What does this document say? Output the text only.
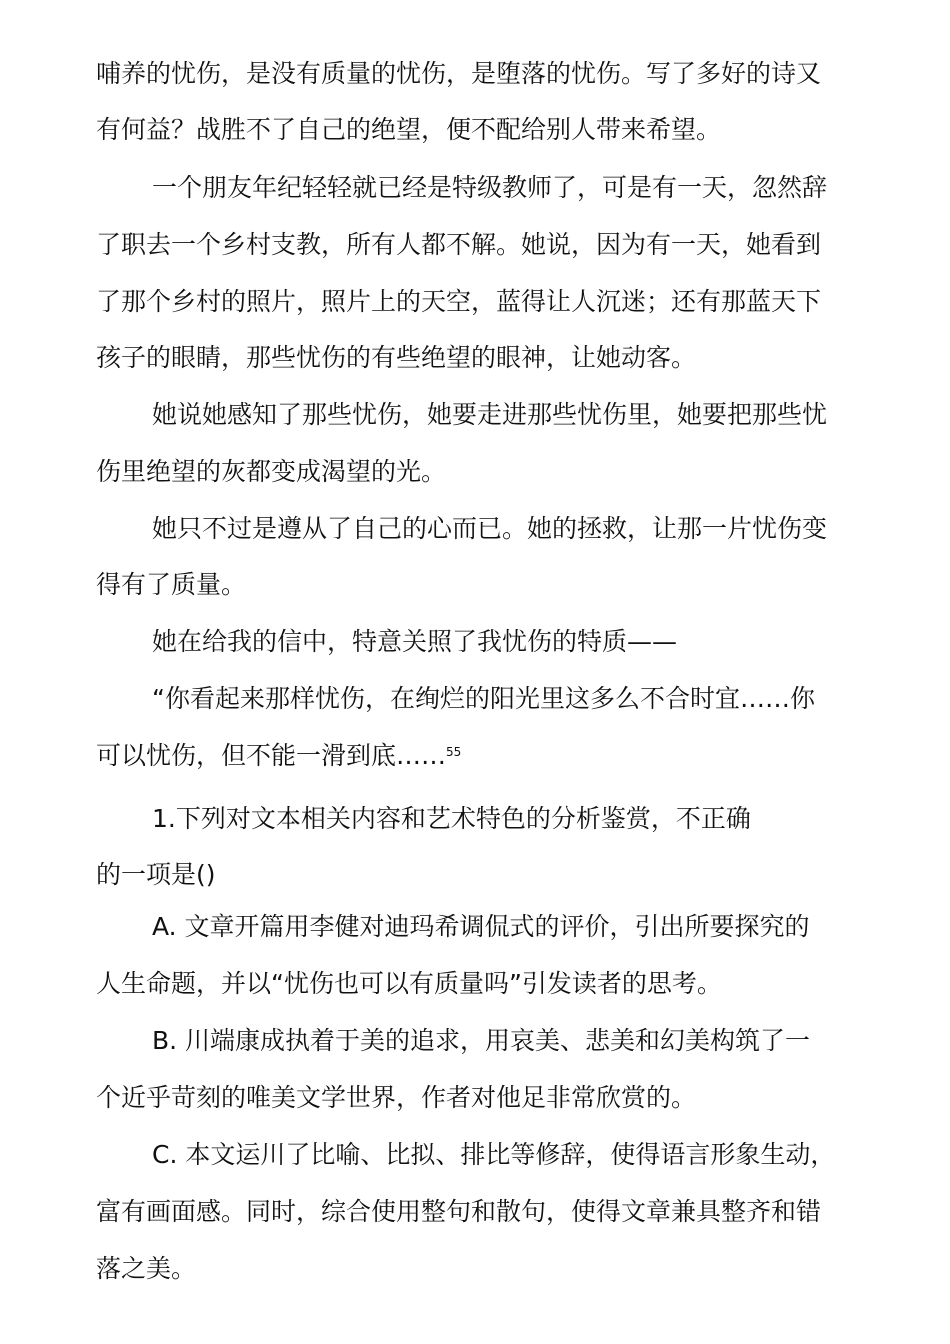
哺养的忧伤，是没有质量的忧伤，是堕落的忧伤。写了多好的诗又
有何益？战胜不了自己的绝望，便不配给别人带来希望。
一个朋友年纪轻轻就已经是特级教师了，可是有一天，忽然辞
了职去一个乡村支教，所有人都不解。她说，因为有一天，她看到
了那个乡村的照片，照片上的天空，蓝得让人沉迷；还有那蓝天下
孩子的眼睛，那些忧伤的有些绝望的眼神，让她动客。
她说她感知了那些忧伤，她要走进那些忧伤里，她要把那些忧
伤里绝望的灰都变成渴望的光。
她只不过是遵从了自己的心而已。她的拯救，让那一片忧伤变
得有了质量。
她在给我的信中，特意关照了我忧伤的特质——
“你看起来那样忧伤，在绚烂的阳光里这多么不合时宜……你
可以忧伤，但不能一滑到底……$^{55}$
1.下列对文本相关内容和艺术特色的分析鉴赏，不正确
的一项是()
A. 文章开篇用李健对迪玛希调侃式的评价，引出所要探究的
人生命题，并以“忧伤也可以有质量吗”引发读者的思考。
B. 川端康成执着于美的追求，用哀美、悲美和幻美构筑了一
个近乎苛刻的唯美文学世界，作者对他足非常欣赏的。
C. 本文运川了比喻、比拟、排比等修辞，使得语言形象生动，
富有画面感。同时，综合使用整句和散句，使得文章兼具整齐和错
落之美。
